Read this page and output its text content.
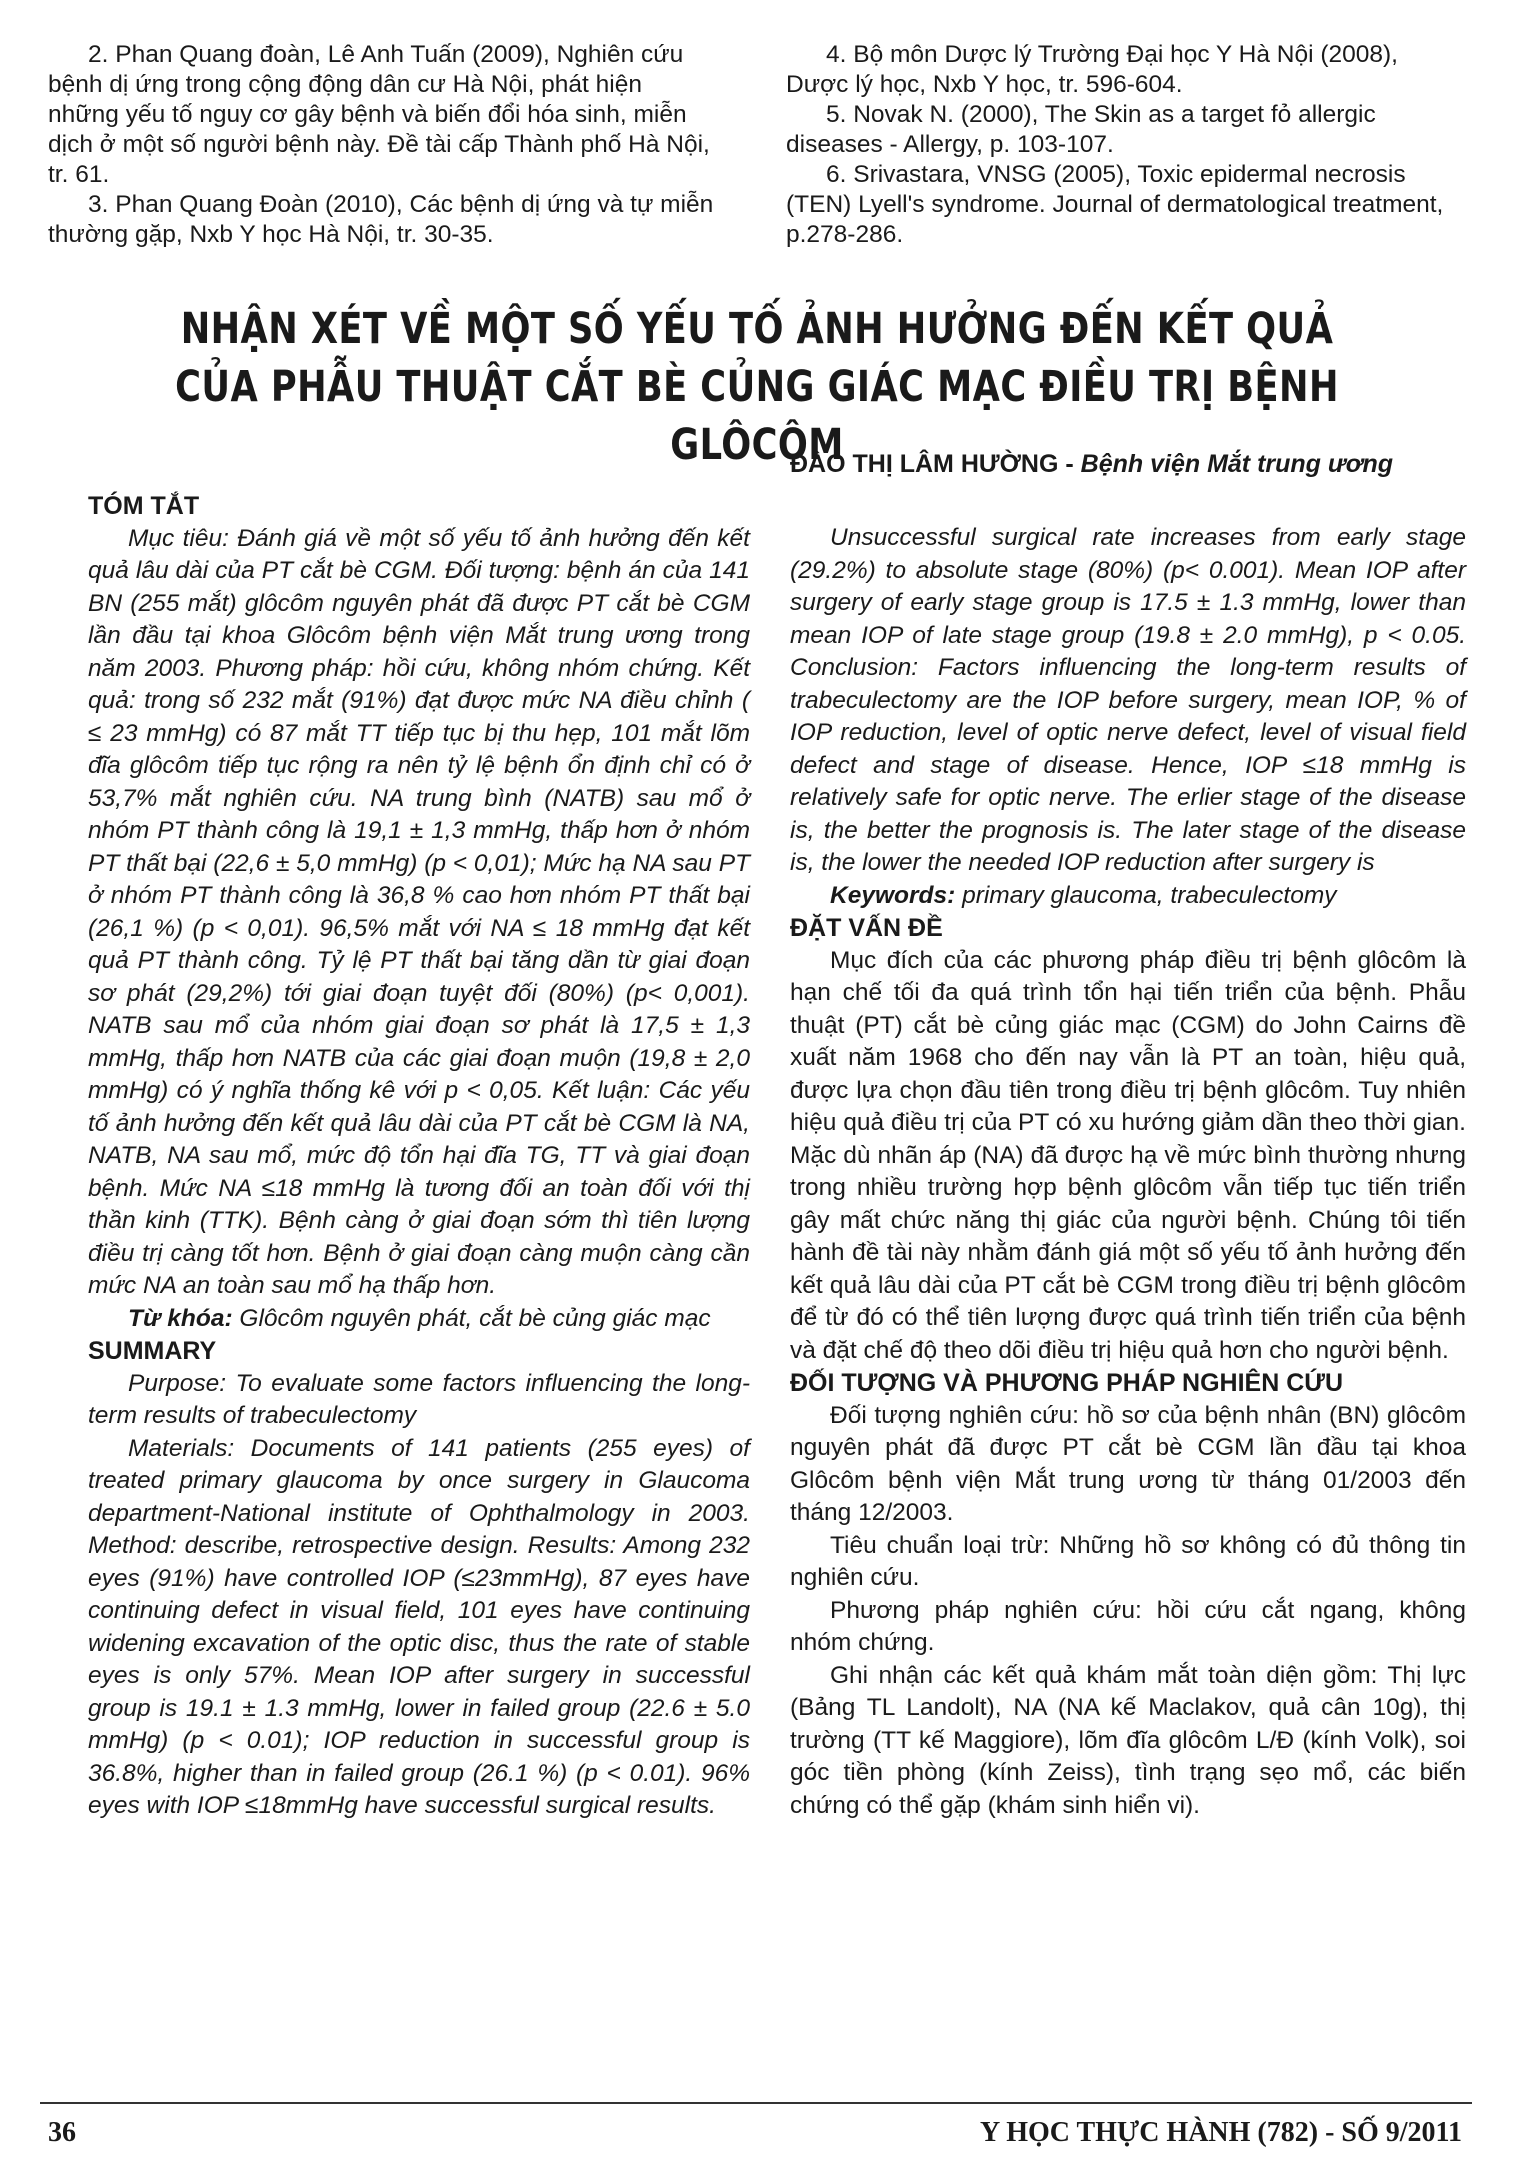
2. Phan Quang đoàn, Lê Anh Tuấn (2009), Nghiên cứu bệnh dị ứng trong cộng động dân cư Hà Nội, phát hiện những yếu tố nguy cơ gây bệnh và biến đổi hóa sinh, miễn dịch ở một số người bệnh này. Đề tài cấp Thành phố Hà Nội, tr. 61.

3. Phan Quang Đoàn (2010), Các bệnh dị ứng và tự miễn thường gặp, Nxb Y học Hà Nội, tr. 30-35.

4. Bộ môn Dược lý Trường Đại học Y Hà Nội (2008), Dược lý học, Nxb Y học, tr. 596-604.

5. Novak N. (2000), The Skin as a target fỏ allergic diseases - Allergy, p. 103-107.

6. Srivastara, VNSG (2005), Toxic epidermal necrosis (TEN) Lyell's syndrome. Journal of dermatological treatment, p.278-286.

NHẬN XÉT VỀ MỘT SỐ YẾU TỐ ẢNH HƯỞNG ĐẾN KẾT QUẢ
CỦA PHẪU THUẬT CẮT BÈ CỦNG GIÁC MẠC ĐIỀU TRỊ BỆNH GLÔCÔM
ĐÀO THỊ LÂM HƯỜNG - Bệnh viện Mắt trung ương

TÓM TẮT

Mục tiêu: Đánh giá về một số yếu tố ảnh hưởng đến kết quả lâu dài của PT cắt bè CGM. Đối tượng: bệnh án của 141 BN (255 mắt) glôcôm nguyên phát đã được PT cắt bè CGM lần đầu tại khoa Glôcôm bệnh viện Mắt trung ương trong năm 2003. Phương pháp: hồi cứu, không nhóm chứng. Kết quả: trong số 232 mắt (91%) đạt được mức NA điều chỉnh ( ≤ 23 mmHg) có 87 mắt TT tiếp tục bị thu hẹp, 101 mắt lõm đĩa glôcôm tiếp tục rộng ra nên tỷ lệ bệnh ổn định chỉ có ở 53,7% mắt nghiên cứu. NA trung bình (NATB) sau mổ ở nhóm PT thành công là 19,1 ± 1,3 mmHg, thấp hơn ở nhóm PT thất bại (22,6 ± 5,0 mmHg) (p < 0,01); Mức hạ NA sau PT ở nhóm PT thành công là 36,8 % cao hơn nhóm PT thất bại (26,1 %) (p < 0,01). 96,5% mắt với NA ≤ 18 mmHg đạt kết quả PT thành công. Tỷ lệ PT thất bại tăng dần từ giai đoạn sơ phát (29,2%) tới giai đoạn tuyệt đối (80%) (p< 0,001). NATB sau mổ của nhóm giai đoạn sơ phát là 17,5 ± 1,3 mmHg, thấp hơn NATB của các giai đoạn muộn (19,8 ± 2,0 mmHg) có ý nghĩa thống kê với p < 0,05. Kết luận: Các yếu tố ảnh hưởng đến kết quả lâu dài của PT cắt bè CGM là NA, NATB, NA sau mổ, mức độ tổn hại đĩa TG, TT và giai đoạn bệnh. Mức NA ≤18 mmHg là tương đối an toàn đối với thị thần kinh (TTK). Bệnh càng ở giai đoạn sớm thì tiên lượng điều trị càng tốt hơn. Bệnh ở giai đoạn càng muộn càng cần mức NA an toàn sau mổ hạ thấp hơn.

Từ khóa: Glôcôm nguyên phát, cắt bè củng giác mạc

SUMMARY

Purpose: To evaluate some factors influencing the long-term results of trabeculectomy

Materials: Documents of 141 patients (255 eyes) of treated primary glaucoma by once surgery in Glaucoma department-National institute of Ophthalmology in 2003. Method: describe, retrospective design. Results: Among 232 eyes (91%) have controlled IOP (≤23mmHg), 87 eyes have continuing defect in visual field, 101 eyes have continuing widening excavation of the optic disc, thus the rate of stable eyes is only 57%. Mean IOP after surgery in successful group is 19.1 ± 1.3 mmHg, lower in failed group (22.6 ± 5.0 mmHg) (p < 0.01); IOP reduction in successful group is 36.8%, higher than in failed group (26.1 %) (p < 0.01). 96% eyes with IOP ≤18mmHg have successful surgical results.

Unsuccessful surgical rate increases from early stage (29.2%) to absolute stage (80%) (p< 0.001). Mean IOP after surgery of early stage group is 17.5 ± 1.3 mmHg, lower than mean IOP of late stage group (19.8 ± 2.0 mmHg), p < 0.05. Conclusion: Factors influencing the long-term results of trabeculectomy are the IOP before surgery, mean IOP, % of IOP reduction, level of optic nerve defect, level of visual field defect and stage of disease. Hence, IOP ≤18 mmHg is relatively safe for optic nerve. The erlier stage of the disease is, the better the prognosis is. The later stage of the disease is, the lower the needed IOP reduction after surgery is

Keywords: primary glaucoma, trabeculectomy

ĐẶT VẤN ĐỀ

Mục đích của các phương pháp điều trị bệnh glôcôm là hạn chế tối đa quá trình tổn hại tiến triển của bệnh. Phẫu thuật (PT) cắt bè củng giác mạc (CGM) do John Cairns đề xuất năm 1968 cho đến nay vẫn là PT an toàn, hiệu quả, được lựa chọn đầu tiên trong điều trị bệnh glôcôm. Tuy nhiên hiệu quả điều trị của PT có xu hướng giảm dần theo thời gian. Mặc dù nhãn áp (NA) đã được hạ về mức bình thường nhưng trong nhiều trường hợp bệnh glôcôm vẫn tiếp tục tiến triển gây mất chức năng thị giác của người bệnh. Chúng tôi tiến hành đề tài này nhằm đánh giá một số yếu tố ảnh hưởng đến kết quả lâu dài của PT cắt bè CGM trong điều trị bệnh glôcôm để từ đó có thể tiên lượng được quá trình tiến triển của bệnh và đặt chế độ theo dõi điều trị hiệu quả hơn cho người bệnh.

ĐỐI TƯỢNG VÀ PHƯƠNG PHÁP NGHIÊN CỨU

Đối tượng nghiên cứu: hồ sơ của bệnh nhân (BN) glôcôm nguyên phát đã được PT cắt bè CGM lần đầu tại khoa Glôcôm bệnh viện Mắt trung ương từ tháng 01/2003 đến tháng 12/2003.

Tiêu chuẩn loại trừ: Những hồ sơ không có đủ thông tin nghiên cứu.

Phương pháp nghiên cứu: hồi cứu cắt ngang, không nhóm chứng.

Ghi nhận các kết quả khám mắt toàn diện gồm: Thị lực (Bảng TL Landolt), NA (NA kế Maclakov, quả cân 10g), thị trường (TT kế Maggiore), lõm đĩa glôcôm L/Đ (kính Volk), soi góc tiền phòng (kính Zeiss), tình trạng sẹo mổ, các biến chứng có thể gặp (khám sinh hiển vi).

36	Y HỌC THỰC HÀNH (782) - SỐ 9/2011
